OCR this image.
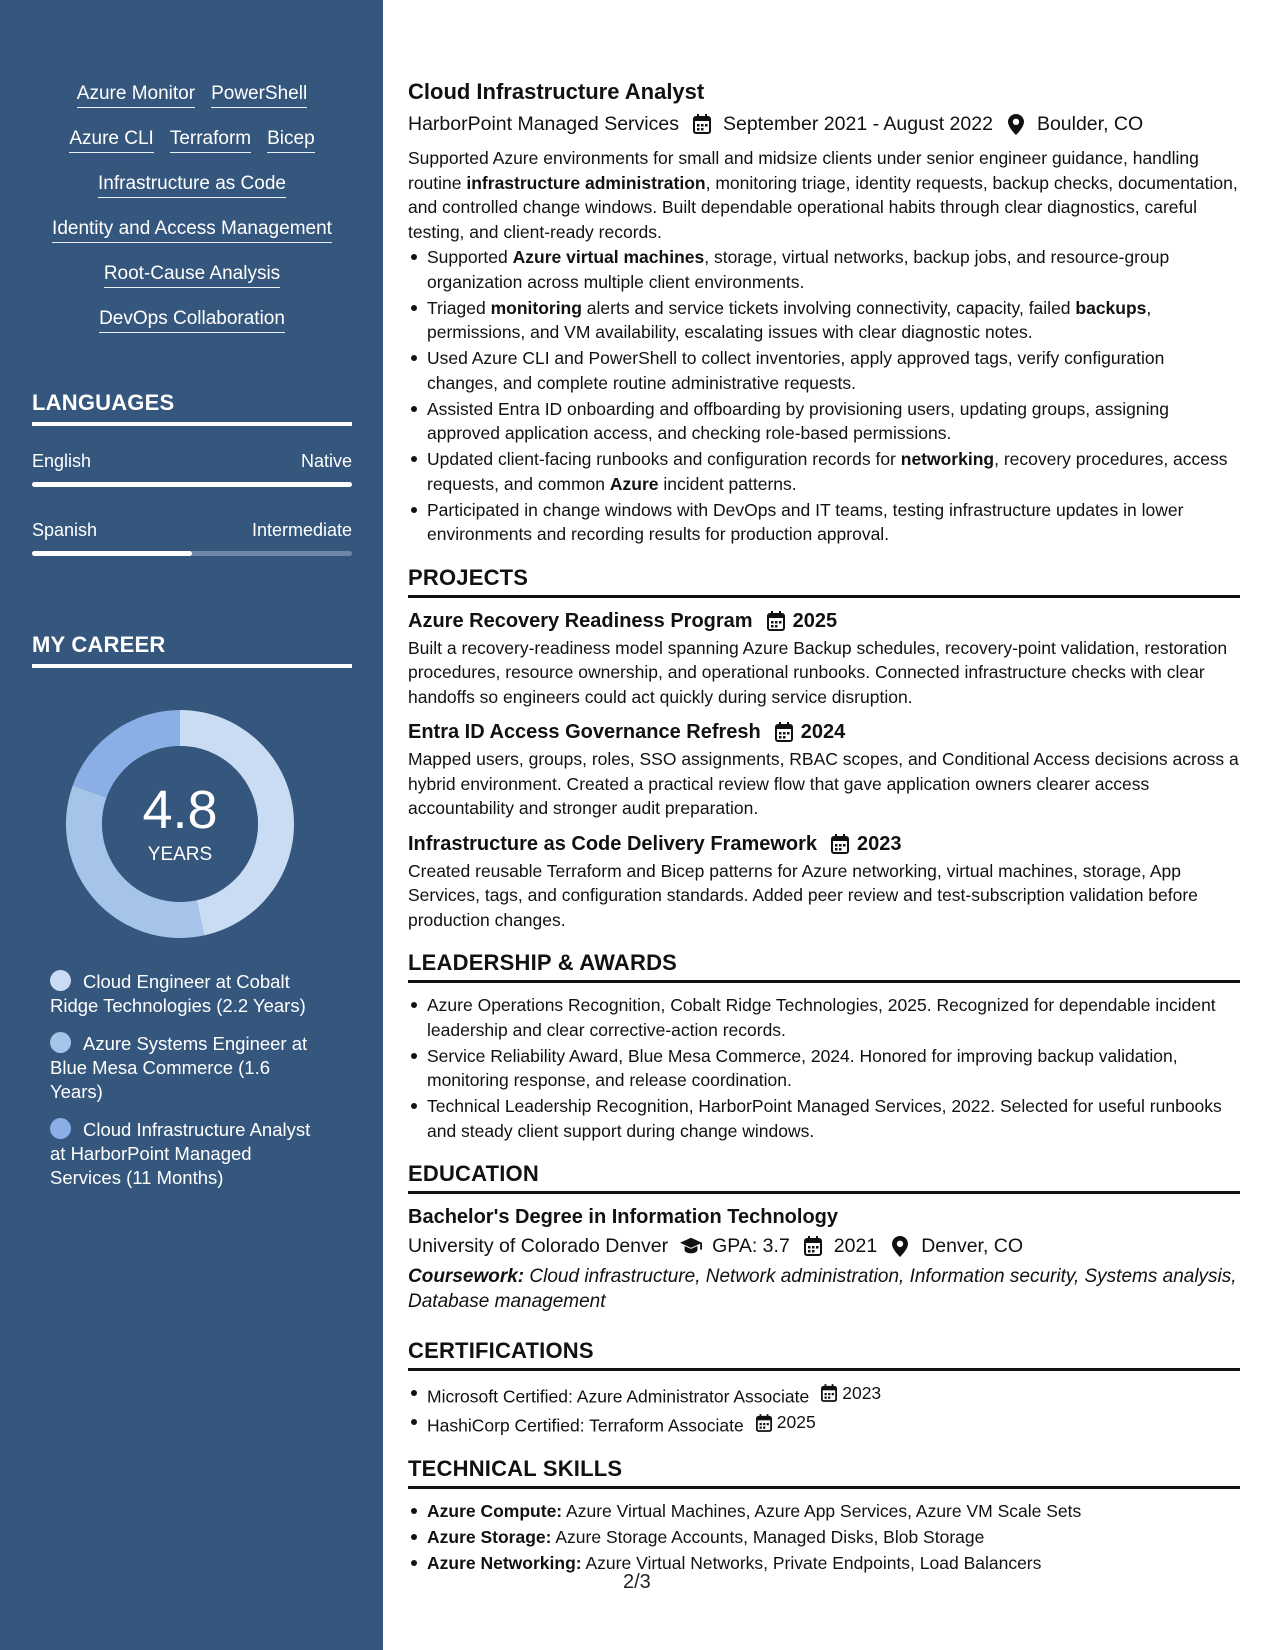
Azure Monitor PowerShell
Azure CLI Terraform Bicep
Infrastructure as Code
Identity and Access Management
Root-Cause Analysis
DevOps Collaboration
LANGUAGES
English	Native
Spanish	Intermediate
MY CAREER
4.8
YEARS
Cloud Engineer at Cobalt Ridge Technologies (2.2 Years)
Azure Systems Engineer at Blue Mesa Commerce (1.6 Years)
Cloud Infrastructure Analyst at HarborPoint Managed Services (11 Months)
Cloud Infrastructure Analyst
HarborPoint Managed Services September 2021 - August 2022 Boulder, CO
Supported Azure environments for small and midsize clients under senior engineer guidance, handling routine infrastructure administration, monitoring triage, identity requests, backup checks, documentation, and controlled change windows. Built dependable operational habits through clear diagnostics, careful testing, and client-ready records.
Supported Azure virtual machines, storage, virtual networks, backup jobs, and resource-group organization across multiple client environments.
Triaged monitoring alerts and service tickets involving connectivity, capacity, failed backups, permissions, and VM availability, escalating issues with clear diagnostic notes.
Used Azure CLI and PowerShell to collect inventories, apply approved tags, verify configuration changes, and complete routine administrative requests.
Assisted Entra ID onboarding and offboarding by provisioning users, updating groups, assigning approved application access, and checking role-based permissions.
Updated client-facing runbooks and configuration records for networking, recovery procedures, access requests, and common Azure incident patterns.
Participated in change windows with DevOps and IT teams, testing infrastructure updates in lower environments and recording results for production approval.
PROJECTS
Azure Recovery Readiness Program 2025
Built a recovery-readiness model spanning Azure Backup schedules, recovery-point validation, restoration procedures, resource ownership, and operational runbooks. Connected infrastructure checks with clear handoffs so engineers could act quickly during service disruption.
Entra ID Access Governance Refresh 2024
Mapped users, groups, roles, SSO assignments, RBAC scopes, and Conditional Access decisions across a hybrid environment. Created a practical review flow that gave application owners clearer access accountability and stronger audit preparation.
Infrastructure as Code Delivery Framework 2023
Created reusable Terraform and Bicep patterns for Azure networking, virtual machines, storage, App Services, tags, and configuration standards. Added peer review and test-subscription validation before production changes.
LEADERSHIP & AWARDS
Azure Operations Recognition, Cobalt Ridge Technologies, 2025. Recognized for dependable incident leadership and clear corrective-action records.
Service Reliability Award, Blue Mesa Commerce, 2024. Honored for improving backup validation, monitoring response, and release coordination.
Technical Leadership Recognition, HarborPoint Managed Services, 2022. Selected for useful runbooks and steady client support during change windows.
EDUCATION
Bachelor's Degree in Information Technology
University of Colorado Denver GPA: 3.7 2021 Denver, CO
Coursework: Cloud infrastructure, Network administration, Information security, Systems analysis, Database management
CERTIFICATIONS
Microsoft Certified: Azure Administrator Associate 2023
HashiCorp Certified: Terraform Associate 2025
TECHNICAL SKILLS
Azure Compute: Azure Virtual Machines, Azure App Services, Azure VM Scale Sets
Azure Storage: Azure Storage Accounts, Managed Disks, Blob Storage
Azure Networking: Azure Virtual Networks, Private Endpoints, Load Balancers
2/3
